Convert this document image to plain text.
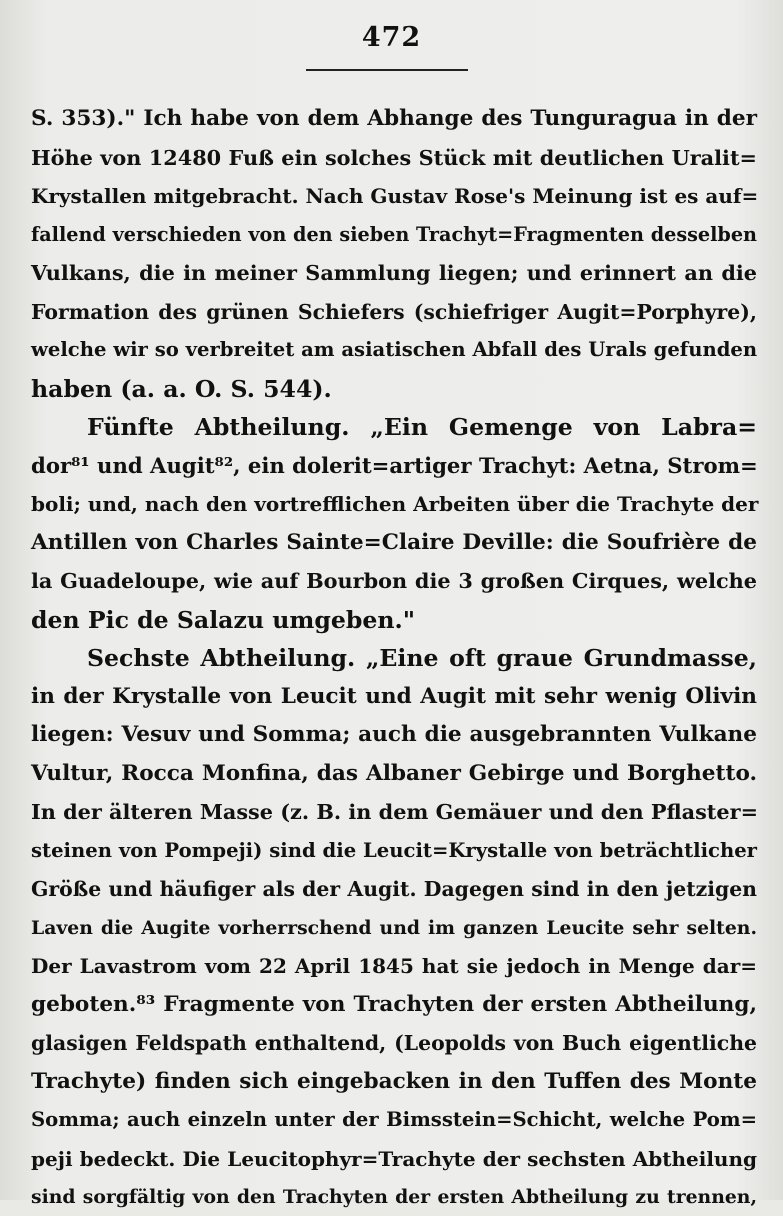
472
S. 353)." Ich habe von dem Abhange des Tunguragua in der
Höhe von 12480 Fuß ein solches Stück mit deutlichen Uralit=
Krystallen mitgebracht. Nach Gustav Rose's Meinung ist es auf=
fallend verschieden von den sieben Trachyt=Fragmenten desselben
Vulkans, die in meiner Sammlung liegen; und erinnert an die
Formation des grünen Schiefers (schiefriger Augit=Porphyre),
welche wir so verbreitet am asiatischen Abfall des Urals gefunden
haben (a. a. O. S. 544).
Fünfte Abtheilung. „Ein Gemenge von Labra=
dor⁸¹ und Augit⁸², ein dolerit=artiger Trachyt: Aetna, Strom=
boli; und, nach den vortrefflichen Arbeiten über die Trachyte der
Antillen von Charles Sainte=Claire Deville: die Soufrière de
la Guadeloupe, wie auf Bourbon die 3 großen Cirques, welche
den Pic de Salazu umgeben."
Sechste Abtheilung. „Eine oft graue Grundmasse,
in der Krystalle von Leucit und Augit mit sehr wenig Olivin
liegen: Vesuv und Somma; auch die ausgebrannten Vulkane
Vultur, Rocca Monfina, das Albaner Gebirge und Borghetto.
In der älteren Masse (z. B. in dem Gemäuer und den Pflaster=
steinen von Pompeji) sind die Leucit=Krystalle von beträchtlicher
Größe und häufiger als der Augit. Dagegen sind in den jetzigen
Laven die Augite vorherrschend und im ganzen Leucite sehr selten.
Der Lavastrom vom 22 April 1845 hat sie jedoch in Menge dar=
geboten.⁸³ Fragmente von Trachyten der ersten Abtheilung,
glasigen Feldspath enthaltend, (Leopolds von Buch eigentliche
Trachyte) finden sich eingebacken in den Tuffen des Monte
Somma; auch einzeln unter der Bimsstein=Schicht, welche Pom=
peji bedeckt. Die Leucitophyr=Trachyte der sechsten Abtheilung
sind sorgfältig von den Trachyten der ersten Abtheilung zu trennen,
